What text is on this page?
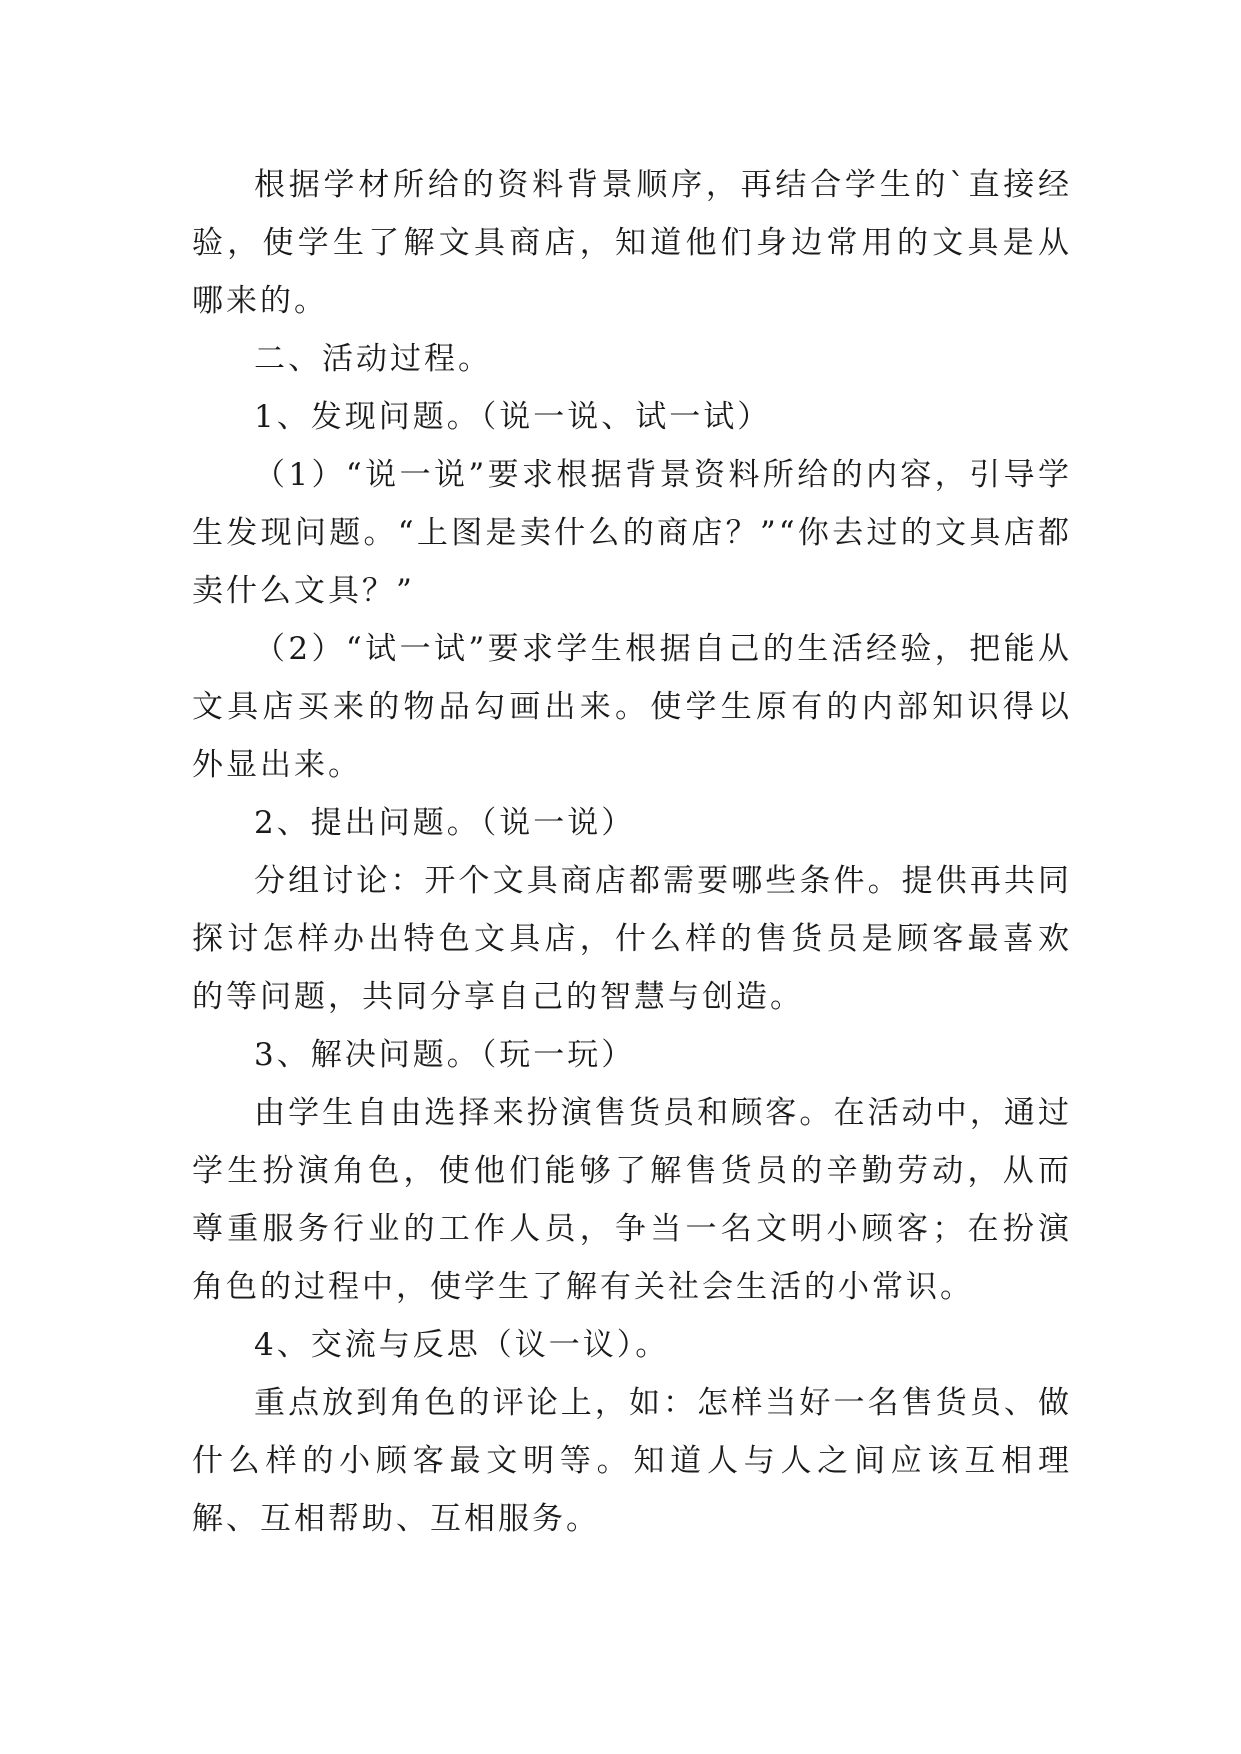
根据学材所给的资料背景顺序，再结合学生的`直接经验，使学生了解文具商店，知道他们身边常用的文具是从哪来的。

二、活动过程。

1、发现问题。（说一说、试一试）

（1）“说一说”要求根据背景资料所给的内容，引导学生发现问题。“上图是卖什么的商店？”“你去过的文具店都卖什么文具？”

（2）“试一试”要求学生根据自己的生活经验，把能从文具店买来的物品勾画出来。使学生原有的内部知识得以外显出来。

2、提出问题。（说一说）

分组讨论：开个文具商店都需要哪些条件。提供再共同探讨怎样办出特色文具店，什么样的售货员是顾客最喜欢的等问题，共同分享自己的智慧与创造。

3、解决问题。（玩一玩）

由学生自由选择来扮演售货员和顾客。在活动中，通过学生扮演角色，使他们能够了解售货员的辛勤劳动，从而尊重服务行业的工作人员，争当一名文明小顾客；在扮演角色的过程中，使学生了解有关社会生活的小常识。

4、交流与反思（议一议）。

重点放到角色的评论上，如：怎样当好一名售货员、做什么样的小顾客最文明等。知道人与人之间应该互相理解、互相帮助、互相服务。
